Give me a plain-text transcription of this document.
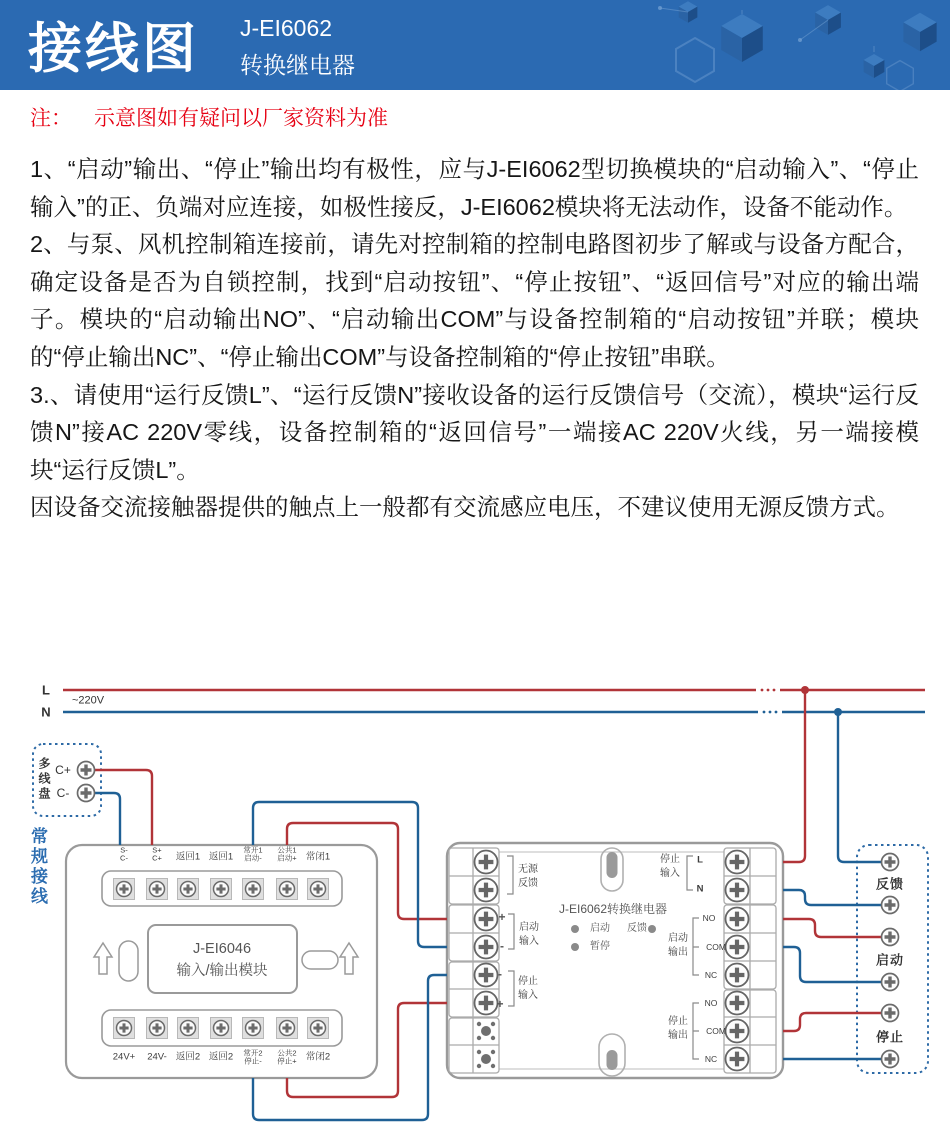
接线图 J-EI6062
转换继电器
注： 示意图如有疑问以厂家资料为准

1、“启动”输出、“停止”输出均有极性，应与J-EI6062型切换模块的“启动输入”、“停止输入”的正、负端对应连接，如极性接反，J-EI6062模块将无法动作，设备不能动作。

2、与泵、风机控制箱连接前，请先对控制箱的控制电路图初步了解或与设备方配合，确定设备是否为自锁控制，找到“启动按钮”、“停止按钮”、“返回信号”对应的输出端子。模块的“启动输出NO”、“启动输出COM”与设备控制箱的“启动按钮”并联；模块的“停止输出NC”、“停止输出COM”与设备控制箱的“停止按钮”串联。

3.、请使用“运行反馈L”、“运行反馈N”接收设备的运行反馈信号（交流），模块“运行反馈N”接AC 220V零线，设备控制箱的“返回信号”一端接AC 220V火线，另一端接模块“运行反馈L”。

因设备交流接触器提供的触点上一般都有交流感应电压，不建议使用无源反馈方式。

L
N
~220V
多线盘 C+
C-
常规接线	S-
C-
S+
C+ 返回1 返回1
常开1
启动-
公共1
启动+ 常闭1
J-EI6046
输入/输出模块
24V+ 24V- 返回2 返回2 常开2
停止-
公共2
停止+ 常闭2
J-EI6062转换继电器
启动 反馈
暂停
无源
反馈
+
启动
输入
-
-
停止
输入
+
停止
输入
L
N
NO
启动
COM
输出
NC
NO
停止
COM
输出
NC
反馈
启动
停止
